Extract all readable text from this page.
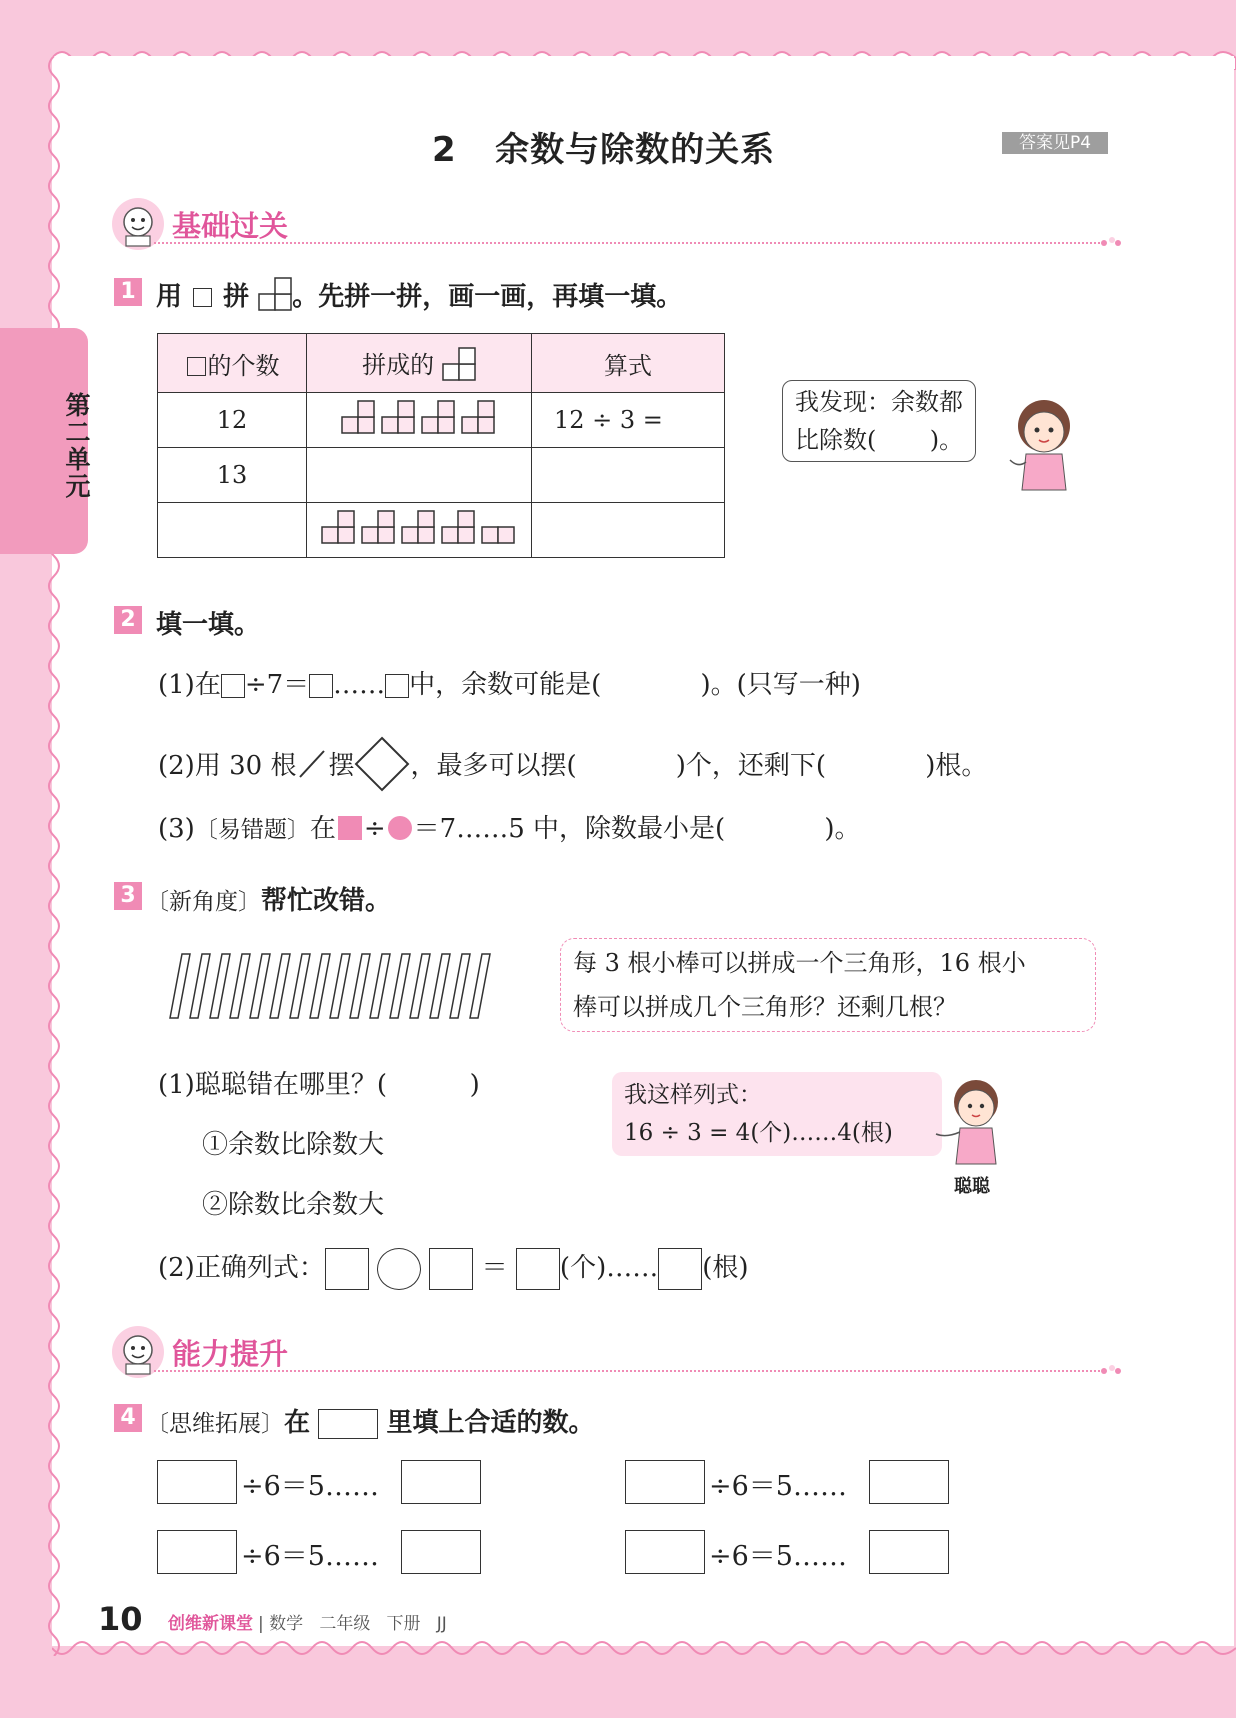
第二单元
2   余数与除数的关系	答案见P4
基础过关
1 用 拼 。先拼一拼，画一画，再填一填。
的个数	拼成的	算式
12		12 ÷ 3 =
13		

我发现：余数都
比除数(       )。
2 填一填。
(1)在 ÷7＝ …… 中，余数可能是(            )。(只写一种)
(2)用 30 根 摆 ，最多可以摆(            )个，还剩下(            )根。
(3)〔易错题〕在 ÷ ＝7……5 中，除数最小是(            )。
3 〔新角度〕帮忙改错。
每 3 根小棒可以拼成一个三角形，16 根小
棒可以拼成几个三角形？还剩几根？
(1)聪聪错在哪里？(          )
①余数比除数大
②除数比余数大
我这样列式：
16 ÷ 3 = 4(个)……4(根)
聪聪
(2)正确列式：	＝ (个)…… (根)
能力提升
4 〔思维拓展〕在	里填上合适的数。
÷6＝5……	÷6＝5……
÷6＝5……	÷6＝5……
10 创维新课堂 | 数学   二年级   下册   JJ
